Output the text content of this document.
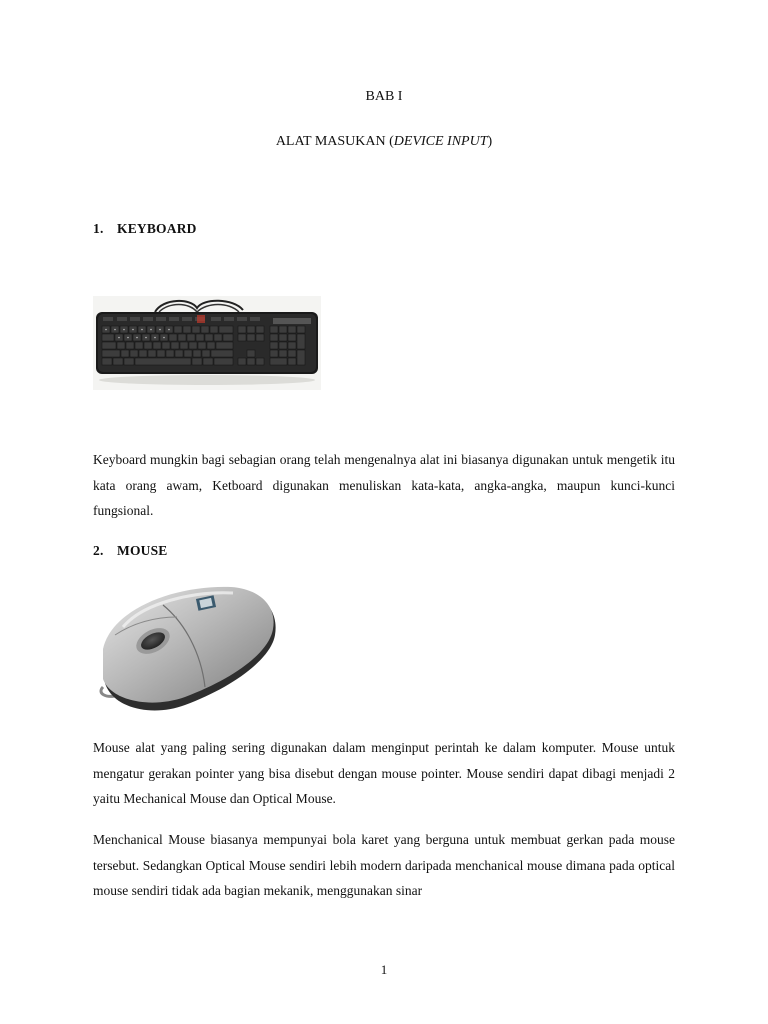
BAB I
ALAT MASUKAN (DEVICE INPUT)
1. KEYBOARD
Keyboard mungkin bagi sebagian orang telah mengenalnya alat ini biasanya digunakan untuk mengetik itu kata orang awam, Ketboard digunakan menuliskan kata-kata, angka-angka, maupun kunci-kunci fungsional.
2. MOUSE
Mouse alat yang paling sering digunakan dalam menginput perintah ke dalam komputer. Mouse untuk mengatur gerakan pointer yang bisa disebut dengan mouse pointer. Mouse sendiri dapat dibagi menjadi 2 yaitu Mechanical Mouse dan Optical Mouse.
Menchanical Mouse biasanya mempunyai bola karet yang berguna untuk membuat gerkan pada mouse tersebut. Sedangkan Optical Mouse sendiri lebih modern daripada menchanical mouse dimana pada optical mouse sendiri tidak ada bagian mekanik, menggunakan sinar
1
